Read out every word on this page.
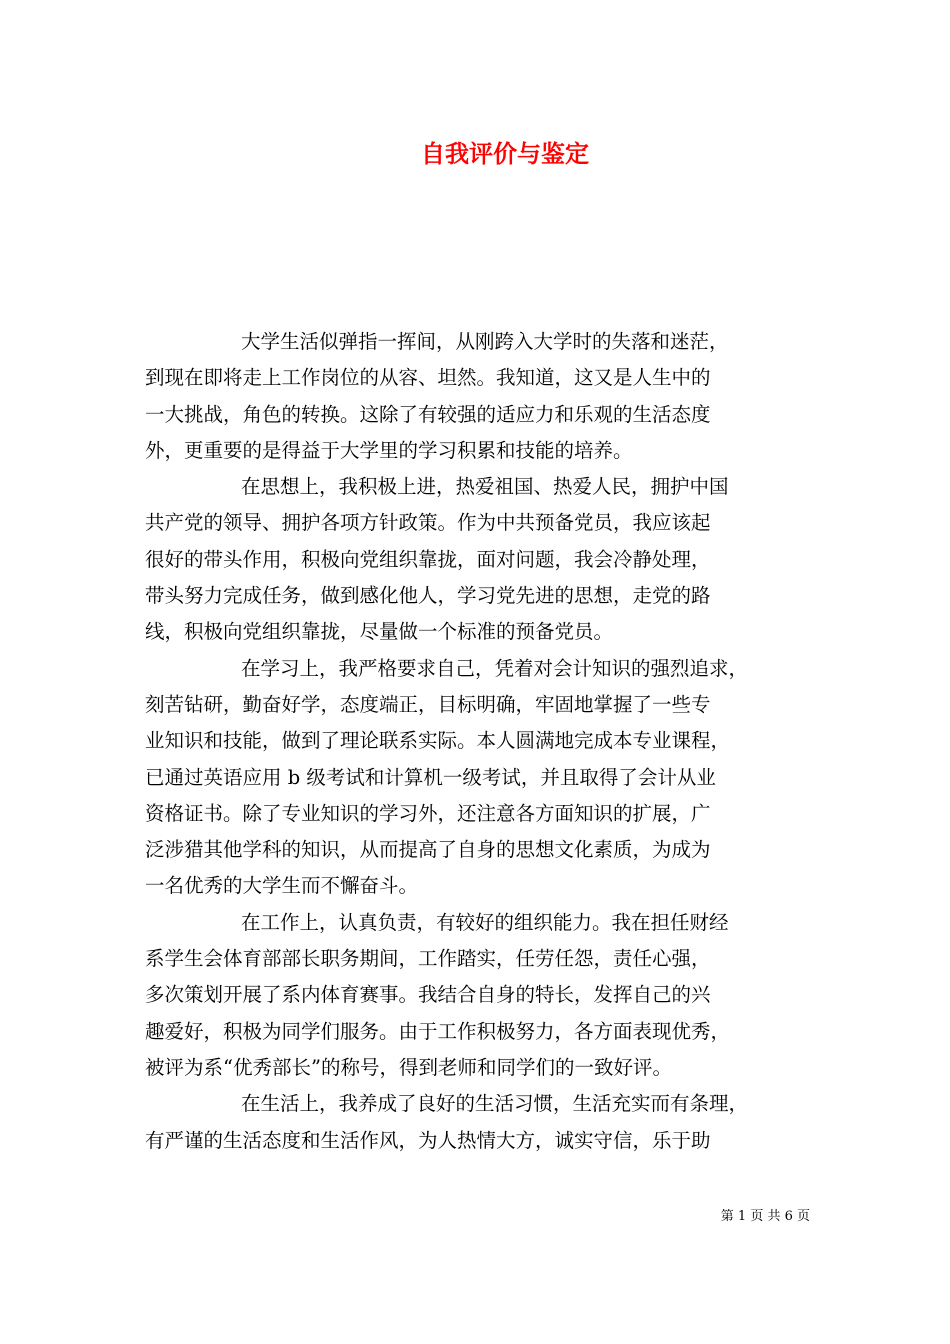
自我评价与鉴定
大学生活似弹指一挥间，从刚跨入大学时的失落和迷茫，
到现在即将走上工作岗位的从容、坦然。我知道，这又是人生中的
一大挑战，角色的转换。这除了有较强的适应力和乐观的生活态度
外，更重要的是得益于大学里的学习积累和技能的培养。
在思想上，我积极上进，热爱祖国、热爱人民，拥护中国
共产党的领导、拥护各项方针政策。作为中共预备党员，我应该起
很好的带头作用，积极向党组织靠拢，面对问题，我会冷静处理，
带头努力完成任务，做到感化他人，学习党先进的思想，走党的路
线，积极向党组织靠拢，尽量做一个标准的预备党员。
在学习上，我严格要求自己，凭着对会计知识的强烈追求，
刻苦钻研，勤奋好学，态度端正，目标明确，牢固地掌握了一些专
业知识和技能，做到了理论联系实际。本人圆满地完成本专业课程，
已通过英语应用 b 级考试和计算机一级考试，并且取得了会计从业
资格证书。除了专业知识的学习外，还注意各方面知识的扩展，广
泛涉猎其他学科的知识，从而提高了自身的思想文化素质，为成为
一名优秀的大学生而不懈奋斗。
在工作上，认真负责，有较好的组织能力。我在担任财经
系学生会体育部部长职务期间，工作踏实，任劳任怨，责任心强，
多次策划开展了系内体育赛事。我结合自身的特长，发挥自己的兴
趣爱好，积极为同学们服务。由于工作积极努力，各方面表现优秀，
被评为系“优秀部长”的称号，得到老师和同学们的一致好评。
在生活上，我养成了良好的生活习惯，生活充实而有条理，
有严谨的生活态度和生活作风，为人热情大方，诚实守信，乐于助
第 1 页 共 6 页
